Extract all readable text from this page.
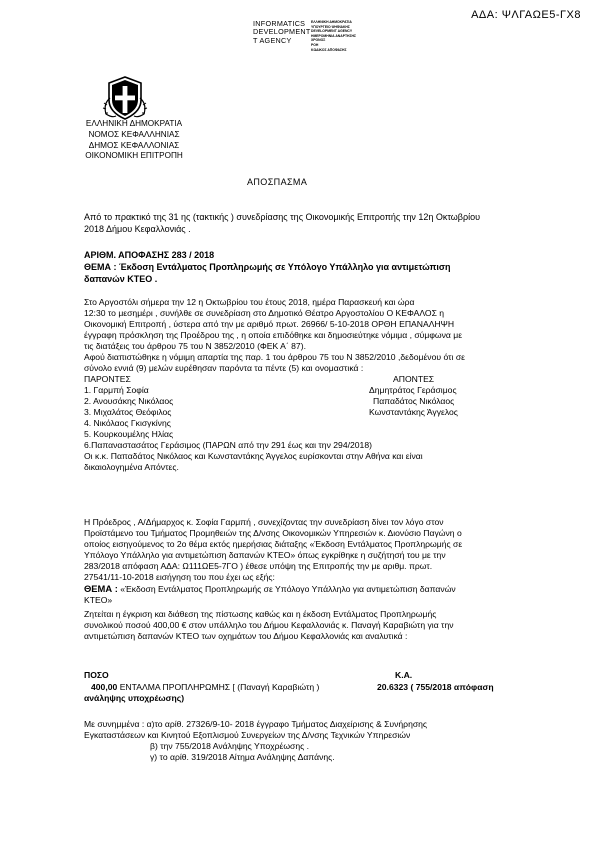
ΑΔΑ: ΨΛΓΑΩΕ5-ΓΧ8
INFORMATICS
DEVELOPMENT
T AGENCY
ΕΛΛΗΝΙΚΗ ΔΗΜΟΚΡΑΤΙΑ
ΥΠΟΥΡΓΕΙΟ ΨΗΦΙΑΚΗΣ
DEVELOPMENT AGENCY
ΗΜΕΡΟΜΗΝΙΑ ΑΝΑΡΤΗΣΗΣ
ΧΡΟΝΟΣ
ΡΟΗ
ΚΩΔΙΚΟΣ ΑΠΟΦΑΣΗΣ
ΕΛΛΗΝΙΚΗ ΔΗΜΟΚΡΑΤΙΑ
ΝΟΜΟΣ ΚΕΦΑΛΛΗΝΙΑΣ
ΔΗΜΟΣ ΚΕΦΑΛΛΟΝΙΑΣ
ΟΙΚΟΝΟΜΙΚΗ ΕΠΙΤΡΟΠΗ
ΑΠΟΣΠΑΣΜΑ
Από το πρακτικό της 31 ης (τακτικής ) συνεδρίασης της Οικονομικής Επιτροπής την 12η Οκτωβρίου
2018 Δήμου Κεφαλλονιάς .
ΑΡΙΘΜ. ΑΠΟΦΑΣΗΣ 283 / 2018
ΘΕΜΑ : Έκδοση Εντάλματος Προπληρωμής σε Υπόλογο Υπάλληλο για αντιμετώπιση
δαπανών ΚΤΕΟ .
Στο Αργοστόλι σήμερα την 12 η Οκτωβρίου του έτους 2018, ημέρα Παρασκευή και ώρα
12:30 το μεσημέρι , συνήλθε σε συνεδρίαση στο Δημοτικό Θέατρο Αργοστολίου Ο ΚΕΦΑΛΟΣ η
Οικονομική Επιτροπή , ύστερα από την με αριθμό πρωτ. 26966/ 5-10-2018 ΟΡΘΗ ΕΠΑΝΑΛΗΨΗ
έγγραφη πρόσκληση της Προέδρου της , η οποία επιδόθηκε και δημοσιεύτηκε νόμιμα , σύμφωνα με
τις διατάξεις του άρθρου 75 του Ν 3852/2010 (ΦΕΚ Α΄ 87).
Αφού διαπιστώθηκε η νόμιμη απαρτία της παρ. 1 του άρθρου 75 του Ν 3852/2010 ,δεδομένου ότι σε
σύνολο εννιά (9) μελών ευρέθησαν παρόντα τα πέντε (5) και ονομαστικά :
ΠΑΡΟΝΤΕΣ
1. Γαρμπή Σοφία
2. Ανουσάκης Νικόλαος
3. Μιχαλάτος Θεόφιλος
4. Νικόλαος Γκισγκίνης
5. Κουρκουμέλης Ηλίας
6.Παπαναστασάτος Γεράσιμος (ΠΑΡΩΝ από την 291 έως και την 294/2018)
ΑΠΟΝΤΕΣ
Δημητράτος Γεράσιμος
Παπαδάτος Νικόλαος
Κωνσταντάκης Άγγελος
Οι κ.κ. Παπαδάτος Νικόλαος και Κωνσταντάκης Άγγελος ευρίσκονται στην Αθήνα και είναι
δικαιολογημένα Απόντες.
Η Πρόεδρος , Α/Δήμαρχος κ. Σοφία Γαρμπή , συνεχίζοντας την συνεδρίαση δίνει τον λόγο στον
Προϊστάμενο του Τμήματος Προμηθειών της Δ/νσης Οικονομικών Υπηρεσιών κ. Διονύσιο Παγώνη ο
οποίος εισηγούμενος το 2ο θέμα εκτός ημερήσιας διάταξης «Έκδοση Εντάλματος Προπληρωμής σε
Υπόλογο Υπάλληλο για αντιμετώπιση δαπανών ΚΤΕΟ» όπως εγκρίθηκε η συζήτησή του με την
283/2018 απόφαση ΑΔΑ: Ω111ΩΕ5-7ΓΟ ) έθεσε υπόψη της Επιτροπής την με αριθμ. πρωτ.
27541/11-10-2018 εισήγηση του που έχει ως εξής:
ΘΕΜΑ : «Έκδοση Εντάλματος Προπληρωμής σε Υπόλογο Υπάλληλο για αντιμετώπιση δαπανών
ΚΤΕΟ»
Ζητείται η έγκριση και διάθεση της πίστωσης καθώς και η έκδοση Εντάλματος Προπληρωμής
συνολικού ποσού 400,00 € στον υπάλληλο του Δήμου Κεφαλλονιάς κ. Παναγή Καραβιώτη για την
αντιμετώπιση δαπανών ΚΤΕΟ των οχημάτων του Δήμου Κεφαλλονιάς και αναλυτικά :
ΠΟΣΟ	Κ.Α.
400,00 ΕΝΤΑΛΜΑ ΠΡΟΠΛΗΡΩΜΗΣ [ (Παναγή Καραβιώτη )	20.6323 ( 755/2018 απόφαση
ανάληψης υποχρέωσης)
Με συνημμένα : α)το αρίθ. 27326/9-10- 2018 έγγραφο Τμήματος Διαχείρισης & Συνήρησης
Εγκαταστάσεων και Κινητού Εξοπλισμού Συνεργείων της Δ/νσης Τεχνικών Υπηρεσιών
β) την 755/2018 Ανάληψης Υποχρέωσης .
γ) το αρίθ. 319/2018 Αίτημα Ανάληψης Δαπάνης.
